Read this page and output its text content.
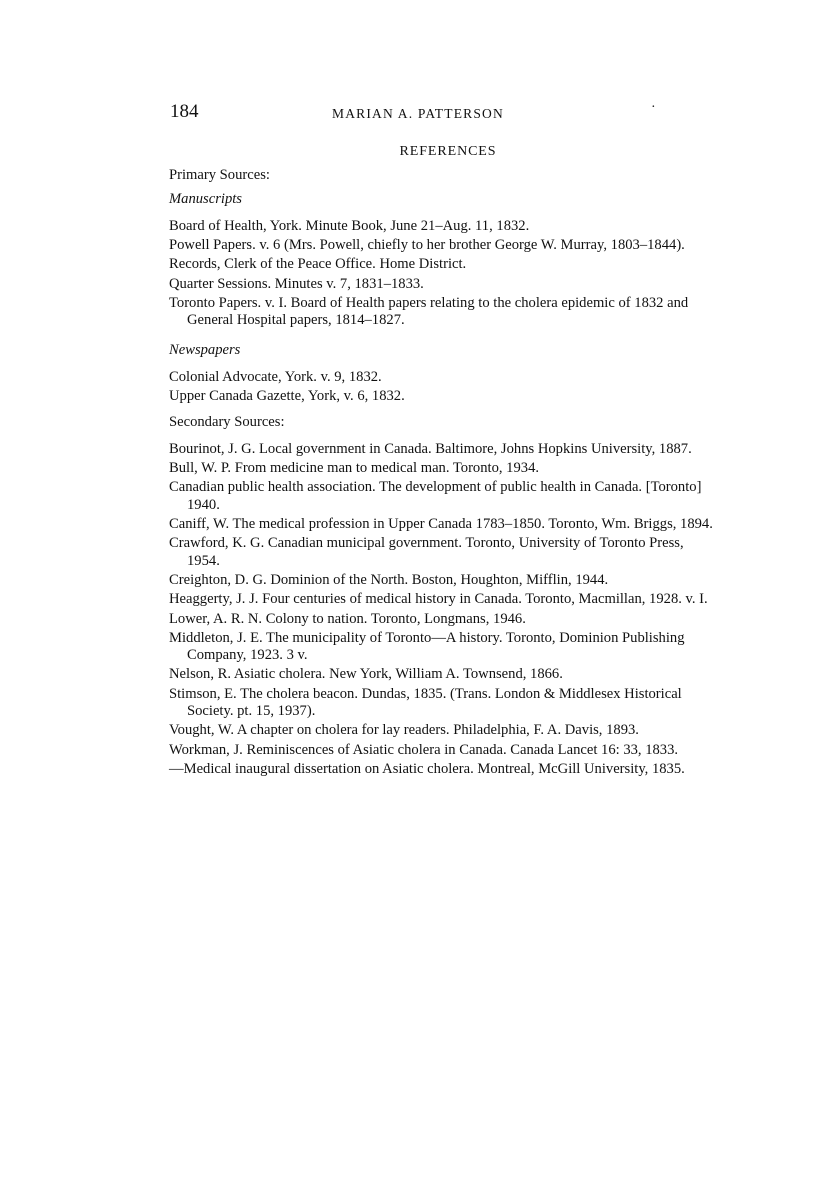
184	MARIAN A. PATTERSON	·
REFERENCES
Primary Sources:
Manuscripts
Board of Health, York. Minute Book, June 21–Aug. 11, 1832.
Powell Papers. v. 6 (Mrs. Powell, chiefly to her brother George W. Murray, 1803–1844).
Records, Clerk of the Peace Office. Home District.
Quarter Sessions. Minutes v. 7, 1831–1833.
Toronto Papers. v. I. Board of Health papers relating to the cholera epidemic of 1832 and General Hospital papers, 1814–1827.
Newspapers
Colonial Advocate, York. v. 9, 1832.
Upper Canada Gazette, York, v. 6, 1832.
Secondary Sources:
Bourinot, J. G. Local government in Canada. Baltimore, Johns Hopkins University, 1887.
Bull, W. P. From medicine man to medical man. Toronto, 1934.
Canadian public health association. The development of public health in Canada. [Toronto] 1940.
Caniff, W. The medical profession in Upper Canada 1783–1850. Toronto, Wm. Briggs, 1894.
Crawford, K. G. Canadian municipal government. Toronto, University of Toronto Press, 1954.
Creighton, D. G. Dominion of the North. Boston, Houghton, Mifflin, 1944.
Heaggerty, J. J. Four centuries of medical history in Canada. Toronto, Macmillan, 1928. v. I.
Lower, A. R. N. Colony to nation. Toronto, Longmans, 1946.
Middleton, J. E. The municipality of Toronto—A history. Toronto, Dominion Publishing Company, 1923. 3 v.
Nelson, R. Asiatic cholera. New York, William A. Townsend, 1866.
Stimson, E. The cholera beacon. Dundas, 1835. (Trans. London & Middlesex Historical Society. pt. 15, 1937).
Vought, W. A chapter on cholera for lay readers. Philadelphia, F. A. Davis, 1893.
Workman, J. Reminiscences of Asiatic cholera in Canada. Canada Lancet 16: 33, 1833.
—Medical inaugural dissertation on Asiatic cholera. Montreal, McGill University, 1835.
